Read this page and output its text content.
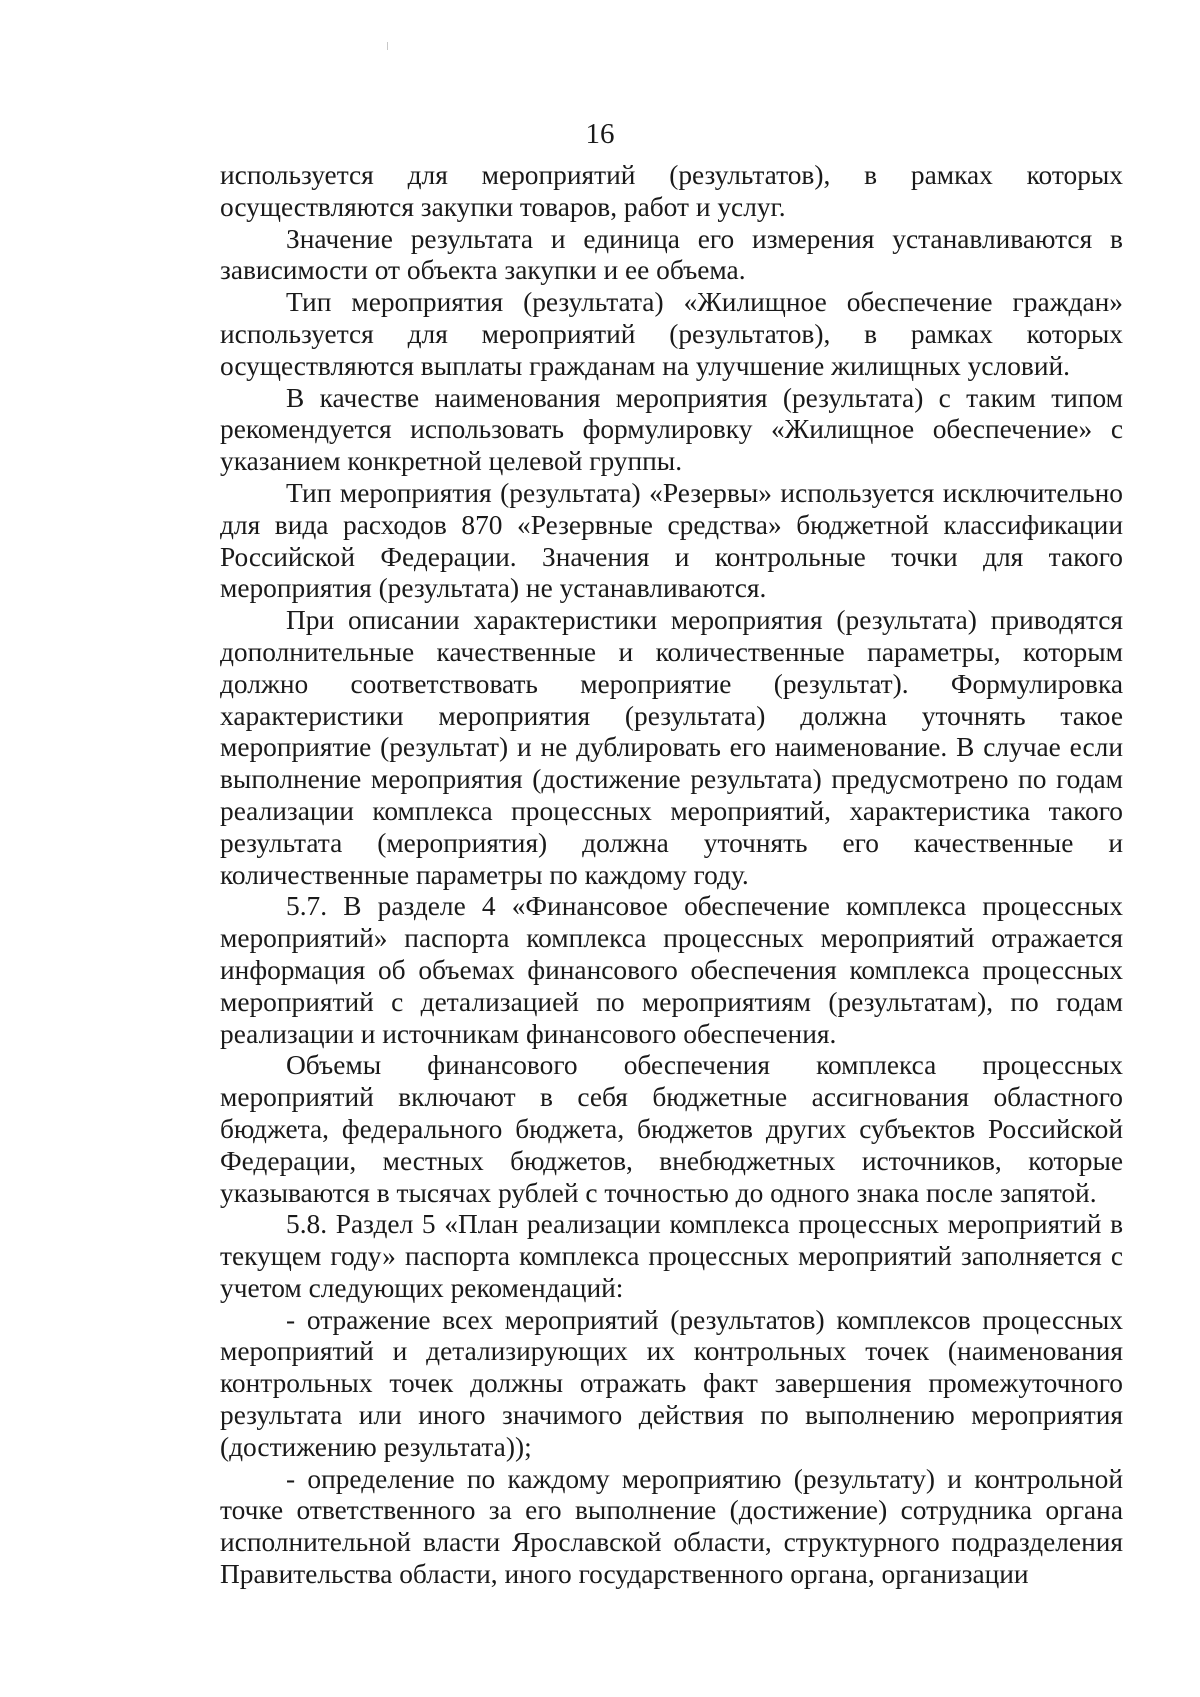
16

используется для мероприятий (результатов), в рамках которых осуществляются закупки товаров, работ и услуг.

Значение результата и единица его измерения устанавливаются в зависимости от объекта закупки и ее объема.

Тип мероприятия (результата) «Жилищное обеспечение граждан» используется для мероприятий (результатов), в рамках которых осуществляются выплаты гражданам на улучшение жилищных условий.

В качестве наименования мероприятия (результата) с таким типом рекомендуется использовать формулировку «Жилищное обеспечение» с указанием конкретной целевой группы.

Тип мероприятия (результата) «Резервы» используется исключительно для вида расходов 870 «Резервные средства» бюджетной классификации Российской Федерации. Значения и контрольные точки для такого мероприятия (результата) не устанавливаются.

При описании характеристики мероприятия (результата) приводятся дополнительные качественные и количественные параметры, которым должно соответствовать мероприятие (результат). Формулировка характеристики мероприятия (результата) должна уточнять такое мероприятие (результат) и не дублировать его наименование. В случае если выполнение мероприятия (достижение результата) предусмотрено по годам реализации комплекса процессных мероприятий, характеристика такого результата (мероприятия) должна уточнять его качественные и количественные параметры по каждому году.

5.7. В разделе 4 «Финансовое обеспечение комплекса процессных мероприятий» паспорта комплекса процессных мероприятий отражается информация об объемах финансового обеспечения комплекса процессных мероприятий с детализацией по мероприятиям (результатам), по годам реализации и источникам финансового обеспечения.

Объемы финансового обеспечения комплекса процессных мероприятий включают в себя бюджетные ассигнования областного бюджета, федерального бюджета, бюджетов других субъектов Российской Федерации, местных бюджетов, внебюджетных источников, которые указываются в тысячах рублей с точностью до одного знака после запятой.

5.8. Раздел 5 «План реализации комплекса процессных мероприятий в текущем году» паспорта комплекса процессных мероприятий заполняется с учетом следующих рекомендаций:

- отражение всех мероприятий (результатов) комплексов процессных мероприятий и детализирующих их контрольных точек (наименования контрольных точек должны отражать факт завершения промежуточного результата или иного значимого действия по выполнению мероприятия (достижению результата));

- определение по каждому мероприятию (результату) и контрольной точке ответственного за его выполнение (достижение) сотрудника органа исполнительной власти Ярославской области, структурного подразделения Правительства области, иного государственного органа, организации
